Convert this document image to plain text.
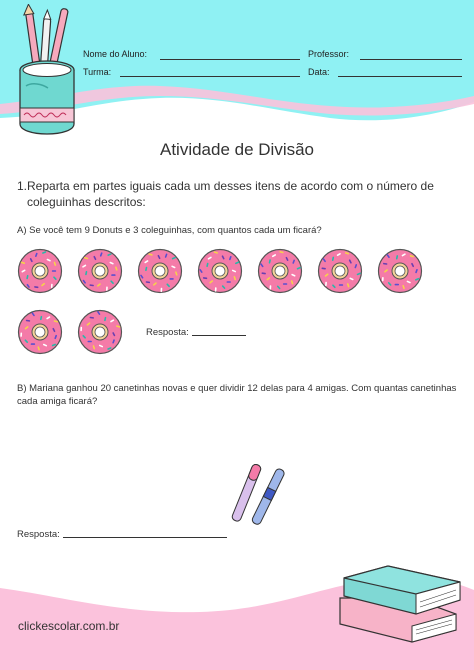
Nome do Aluno:	Professor:
Turma:	Data:
Atividade de Divisão
1. Reparta em partes iguais cada um desses itens de acordo com o número de coleguinhas descritos:
A) Se você tem 9 Donuts e 3 coleguinhas, com quantos cada um ficará?
Resposta:
B) Mariana ganhou 20 canetinhas novas e quer dividir 12 delas para 4 amigas. Com quantas canetinhas cada amiga ficará?
Resposta:
clickescolar.com.br
